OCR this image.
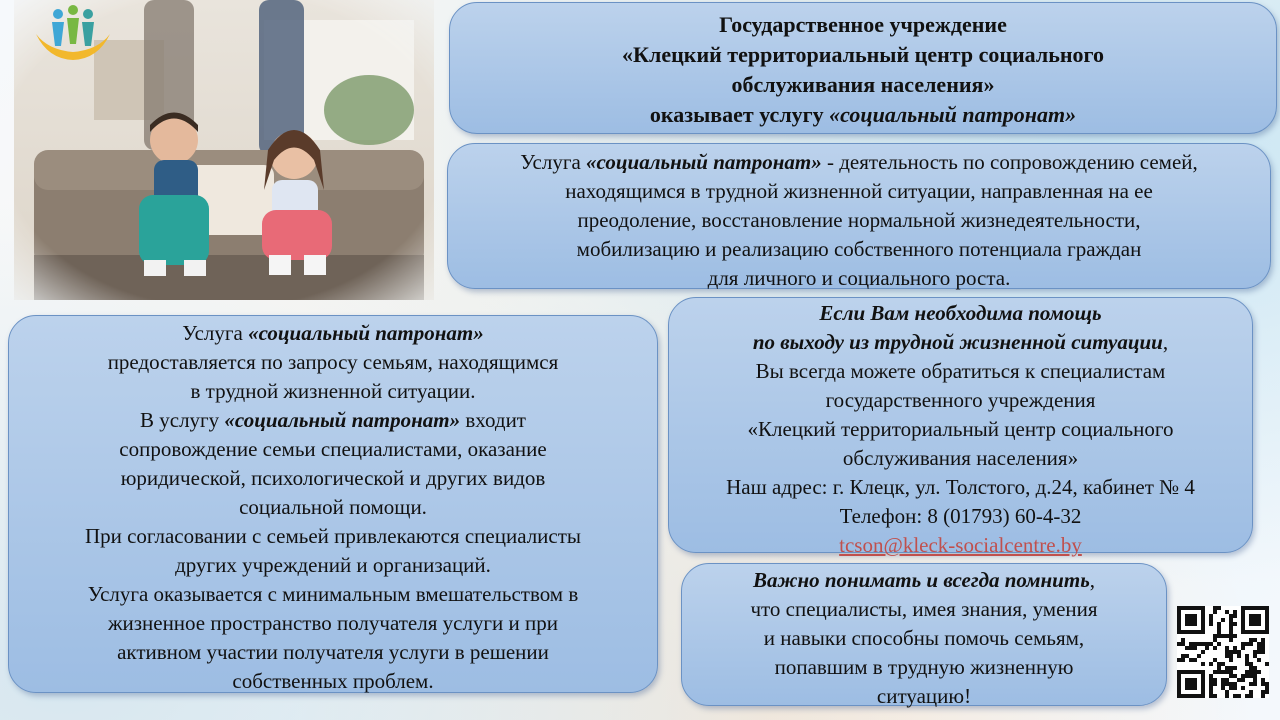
Государственное учреждение
«Клецкий территориальный центр социального
обслуживания населения»
оказывает услугу «социальный патронат»
Услуга «социальный патронат» - деятельность по сопровождению семей,
находящимся в трудной жизненной ситуации, направленная на ее
преодоление, восстановление нормальной жизнедеятельности,
мобилизацию и реализацию собственного потенциала граждан
для личного и социального роста.
Услуга «социальный патронат»
предоставляется по запросу семьям, находящимся
в трудной жизненной ситуации.
В услугу «социальный патронат» входит
сопровождение семьи специалистами, оказание
юридической, психологической и других видов
социальной помощи.
При согласовании с семьей привлекаются специалисты
других учреждений и организаций.
Услуга оказывается с минимальным вмешательством в
жизненное пространство получателя услуги и при
активном участии получателя услуги в решении
собственных проблем.
Если Вам необходима помощь
по выходу из трудной жизненной ситуации,
Вы всегда можете обратиться к специалистам
государственного учреждения
«Клецкий территориальный центр социального
обслуживания населения»
Наш адрес: г. Клецк, ул. Толстого, д.24, кабинет № 4
Телефон: 8 (01793) 60-4-32
tcson@kleck-socialcentre.by
Важно понимать и всегда помнить,
что специалисты, имея знания, умения
и навыки способны помочь семьям,
попавшим в трудную жизненную
ситуацию!
